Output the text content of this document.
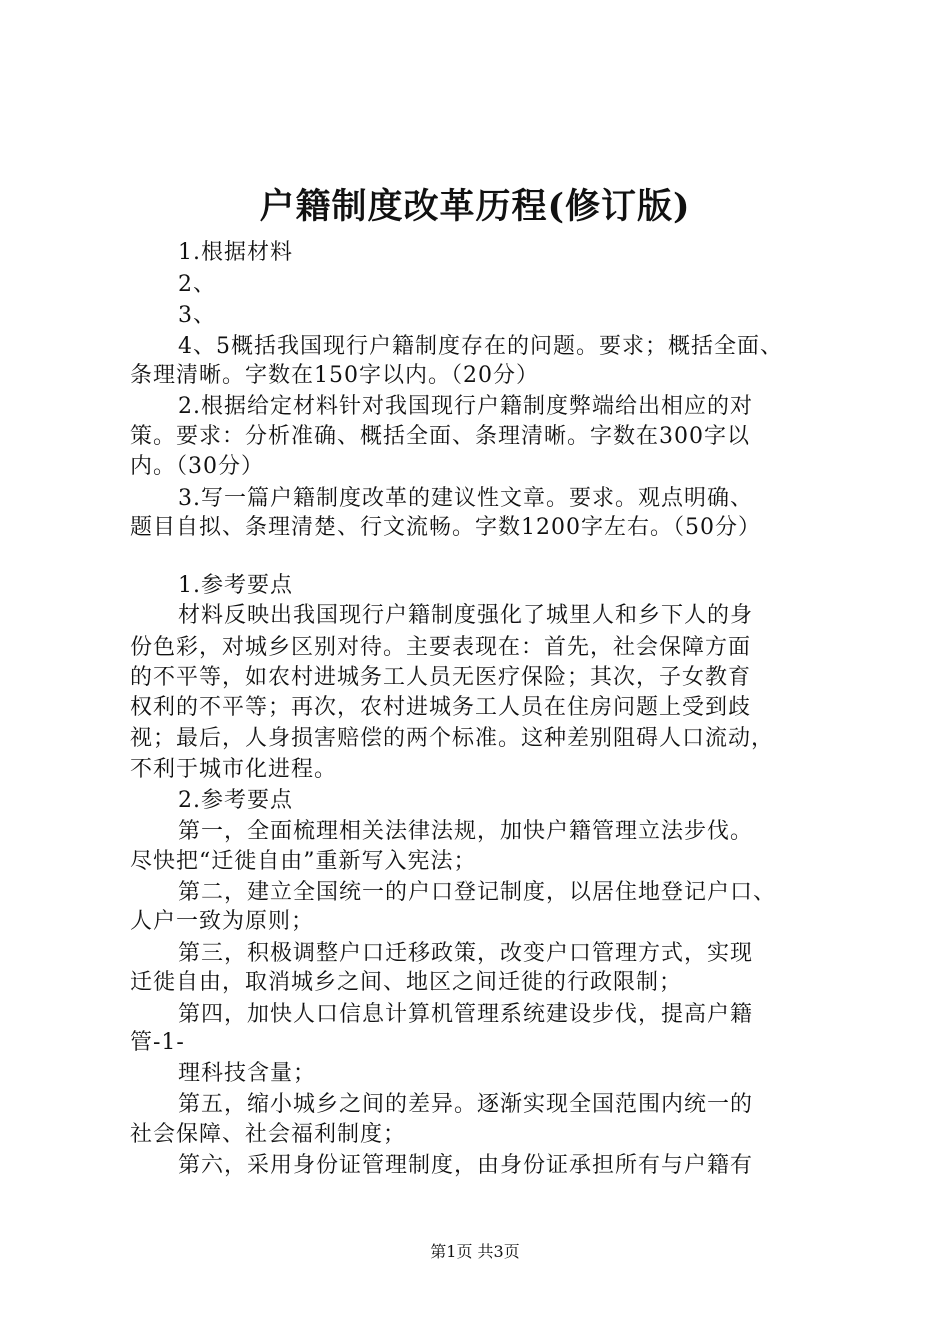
户籍制度改革历程(修订版)
1.根据材料
2、
3、
4、5概括我国现行户籍制度存在的问题。要求；概括全面、
条理清晰。字数在150字以内。（20分）
2.根据给定材料针对我国现行户籍制度弊端给出相应的对
策。要求：分析准确、概括全面、条理清晰。字数在300字以
内。（30分）
3.写一篇户籍制度改革的建议性文章。要求。观点明确、
题目自拟、条理清楚、行文流畅。字数1200字左右。（50分）
1.参考要点
材料反映出我国现行户籍制度强化了城里人和乡下人的身
份色彩，对城乡区别对待。主要表现在：首先，社会保障方面
的不平等，如农村进城务工人员无医疗保险；其次，子女教育
权利的不平等；再次，农村进城务工人员在住房问题上受到歧
视；最后，人身损害赔偿的两个标准。这种差别阻碍人口流动，
不利于城市化进程。
2.参考要点
第一，全面梳理相关法律法规，加快户籍管理立法步伐。
尽快把“迁徙自由”重新写入宪法；
第二，建立全国统一的户口登记制度，以居住地登记户口、
人户一致为原则；
第三，积极调整户口迁移政策，改变户口管理方式，实现
迁徙自由，取消城乡之间、地区之间迁徙的行政限制；
第四，加快人口信息计算机管理系统建设步伐，提高户籍
管-1-
理科技含量；
第五，缩小城乡之间的差异。逐渐实现全国范围内统一的
社会保障、社会福利制度；
第六，采用身份证管理制度，由身份证承担所有与户籍有
第1页 共3页
